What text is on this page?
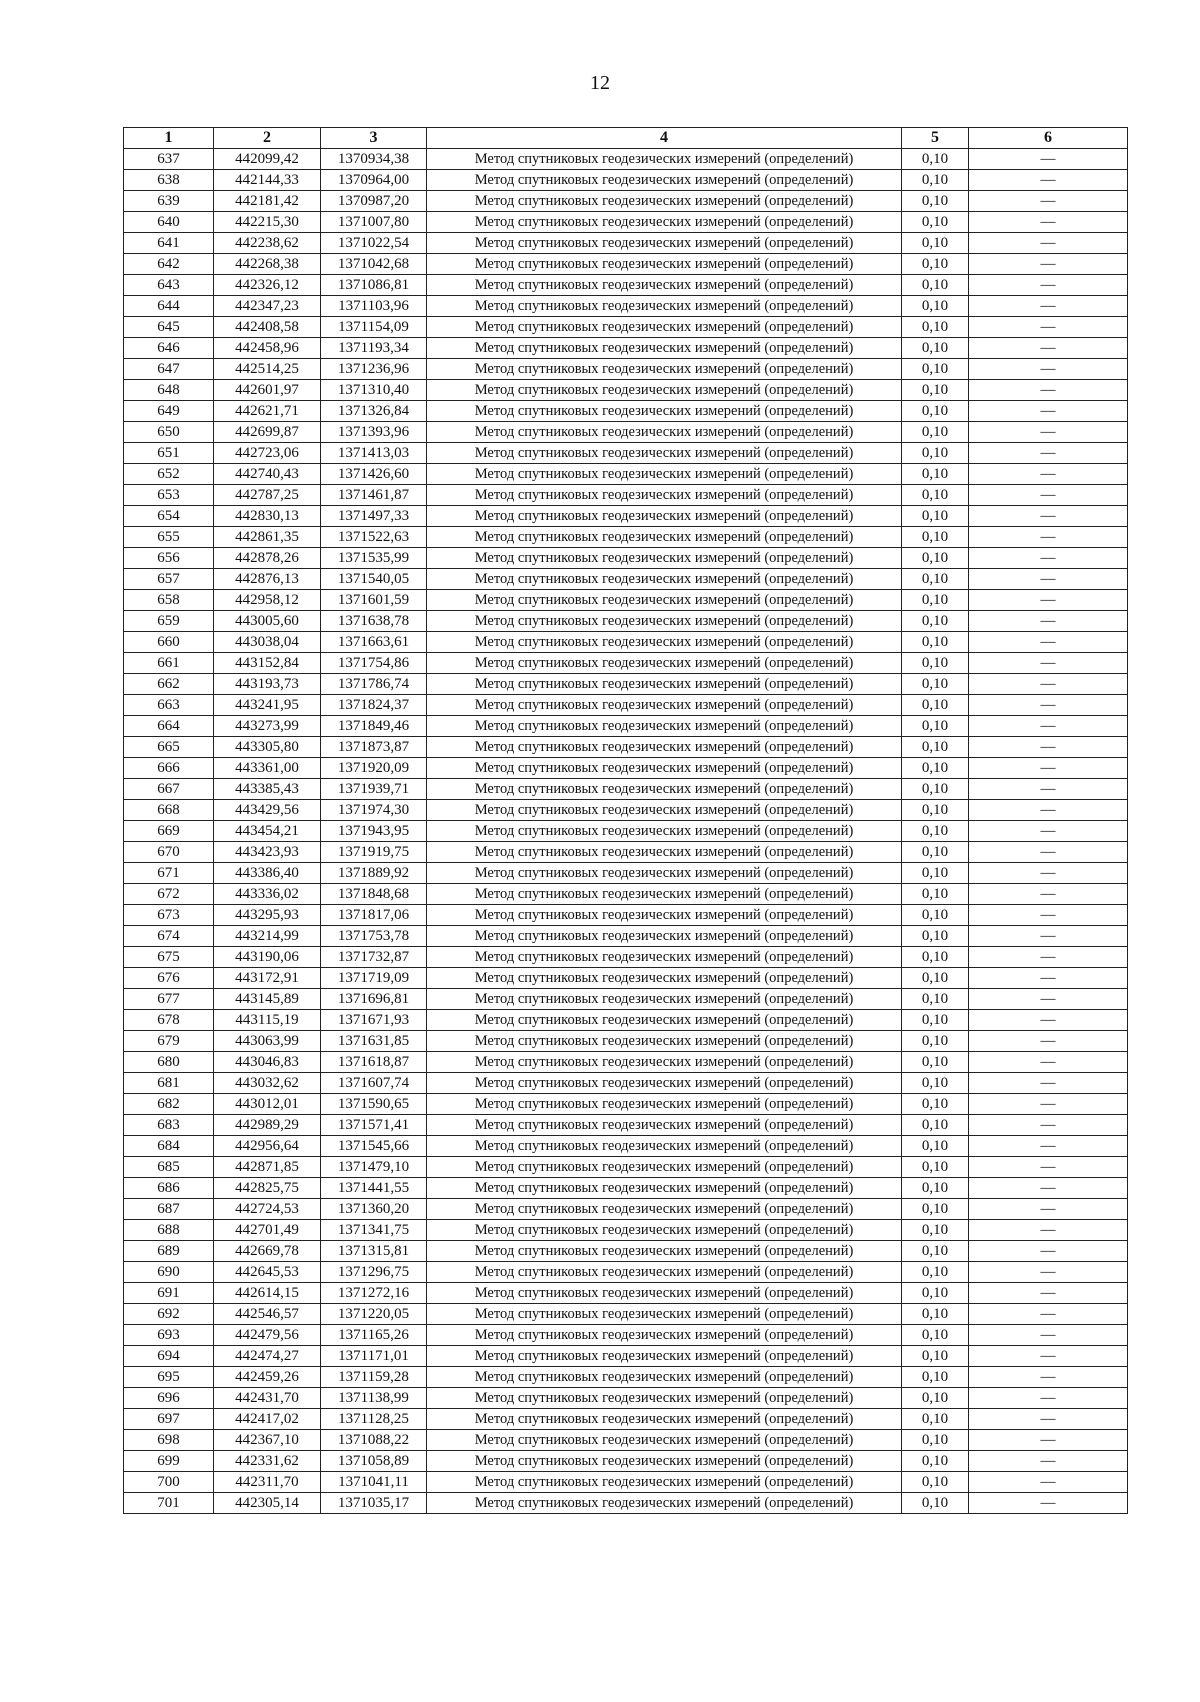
12
1	2	3	4	5	6
637	442099,42	1370934,38	Метод спутниковых геодезических измерений (определений)	0,10	—
638	442144,33	1370964,00	Метод спутниковых геодезических измерений (определений)	0,10	—
639	442181,42	1370987,20	Метод спутниковых геодезических измерений (определений)	0,10	—
640	442215,30	1371007,80	Метод спутниковых геодезических измерений (определений)	0,10	—
641	442238,62	1371022,54	Метод спутниковых геодезических измерений (определений)	0,10	—
642	442268,38	1371042,68	Метод спутниковых геодезических измерений (определений)	0,10	—
643	442326,12	1371086,81	Метод спутниковых геодезических измерений (определений)	0,10	—
644	442347,23	1371103,96	Метод спутниковых геодезических измерений (определений)	0,10	—
645	442408,58	1371154,09	Метод спутниковых геодезических измерений (определений)	0,10	—
646	442458,96	1371193,34	Метод спутниковых геодезических измерений (определений)	0,10	—
647	442514,25	1371236,96	Метод спутниковых геодезических измерений (определений)	0,10	—
648	442601,97	1371310,40	Метод спутниковых геодезических измерений (определений)	0,10	—
649	442621,71	1371326,84	Метод спутниковых геодезических измерений (определений)	0,10	—
650	442699,87	1371393,96	Метод спутниковых геодезических измерений (определений)	0,10	—
651	442723,06	1371413,03	Метод спутниковых геодезических измерений (определений)	0,10	—
652	442740,43	1371426,60	Метод спутниковых геодезических измерений (определений)	0,10	—
653	442787,25	1371461,87	Метод спутниковых геодезических измерений (определений)	0,10	—
654	442830,13	1371497,33	Метод спутниковых геодезических измерений (определений)	0,10	—
655	442861,35	1371522,63	Метод спутниковых геодезических измерений (определений)	0,10	—
656	442878,26	1371535,99	Метод спутниковых геодезических измерений (определений)	0,10	—
657	442876,13	1371540,05	Метод спутниковых геодезических измерений (определений)	0,10	—
658	442958,12	1371601,59	Метод спутниковых геодезических измерений (определений)	0,10	—
659	443005,60	1371638,78	Метод спутниковых геодезических измерений (определений)	0,10	—
660	443038,04	1371663,61	Метод спутниковых геодезических измерений (определений)	0,10	—
661	443152,84	1371754,86	Метод спутниковых геодезических измерений (определений)	0,10	—
662	443193,73	1371786,74	Метод спутниковых геодезических измерений (определений)	0,10	—
663	443241,95	1371824,37	Метод спутниковых геодезических измерений (определений)	0,10	—
664	443273,99	1371849,46	Метод спутниковых геодезических измерений (определений)	0,10	—
665	443305,80	1371873,87	Метод спутниковых геодезических измерений (определений)	0,10	—
666	443361,00	1371920,09	Метод спутниковых геодезических измерений (определений)	0,10	—
667	443385,43	1371939,71	Метод спутниковых геодезических измерений (определений)	0,10	—
668	443429,56	1371974,30	Метод спутниковых геодезических измерений (определений)	0,10	—
669	443454,21	1371943,95	Метод спутниковых геодезических измерений (определений)	0,10	—
670	443423,93	1371919,75	Метод спутниковых геодезических измерений (определений)	0,10	—
671	443386,40	1371889,92	Метод спутниковых геодезических измерений (определений)	0,10	—
672	443336,02	1371848,68	Метод спутниковых геодезических измерений (определений)	0,10	—
673	443295,93	1371817,06	Метод спутниковых геодезических измерений (определений)	0,10	—
674	443214,99	1371753,78	Метод спутниковых геодезических измерений (определений)	0,10	—
675	443190,06	1371732,87	Метод спутниковых геодезических измерений (определений)	0,10	—
676	443172,91	1371719,09	Метод спутниковых геодезических измерений (определений)	0,10	—
677	443145,89	1371696,81	Метод спутниковых геодезических измерений (определений)	0,10	—
678	443115,19	1371671,93	Метод спутниковых геодезических измерений (определений)	0,10	—
679	443063,99	1371631,85	Метод спутниковых геодезических измерений (определений)	0,10	—
680	443046,83	1371618,87	Метод спутниковых геодезических измерений (определений)	0,10	—
681	443032,62	1371607,74	Метод спутниковых геодезических измерений (определений)	0,10	—
682	443012,01	1371590,65	Метод спутниковых геодезических измерений (определений)	0,10	—
683	442989,29	1371571,41	Метод спутниковых геодезических измерений (определений)	0,10	—
684	442956,64	1371545,66	Метод спутниковых геодезических измерений (определений)	0,10	—
685	442871,85	1371479,10	Метод спутниковых геодезических измерений (определений)	0,10	—
686	442825,75	1371441,55	Метод спутниковых геодезических измерений (определений)	0,10	—
687	442724,53	1371360,20	Метод спутниковых геодезических измерений (определений)	0,10	—
688	442701,49	1371341,75	Метод спутниковых геодезических измерений (определений)	0,10	—
689	442669,78	1371315,81	Метод спутниковых геодезических измерений (определений)	0,10	—
690	442645,53	1371296,75	Метод спутниковых геодезических измерений (определений)	0,10	—
691	442614,15	1371272,16	Метод спутниковых геодезических измерений (определений)	0,10	—
692	442546,57	1371220,05	Метод спутниковых геодезических измерений (определений)	0,10	—
693	442479,56	1371165,26	Метод спутниковых геодезических измерений (определений)	0,10	—
694	442474,27	1371171,01	Метод спутниковых геодезических измерений (определений)	0,10	—
695	442459,26	1371159,28	Метод спутниковых геодезических измерений (определений)	0,10	—
696	442431,70	1371138,99	Метод спутниковых геодезических измерений (определений)	0,10	—
697	442417,02	1371128,25	Метод спутниковых геодезических измерений (определений)	0,10	—
698	442367,10	1371088,22	Метод спутниковых геодезических измерений (определений)	0,10	—
699	442331,62	1371058,89	Метод спутниковых геодезических измерений (определений)	0,10	—
700	442311,70	1371041,11	Метод спутниковых геодезических измерений (определений)	0,10	—
701	442305,14	1371035,17	Метод спутниковых геодезических измерений (определений)	0,10	—
